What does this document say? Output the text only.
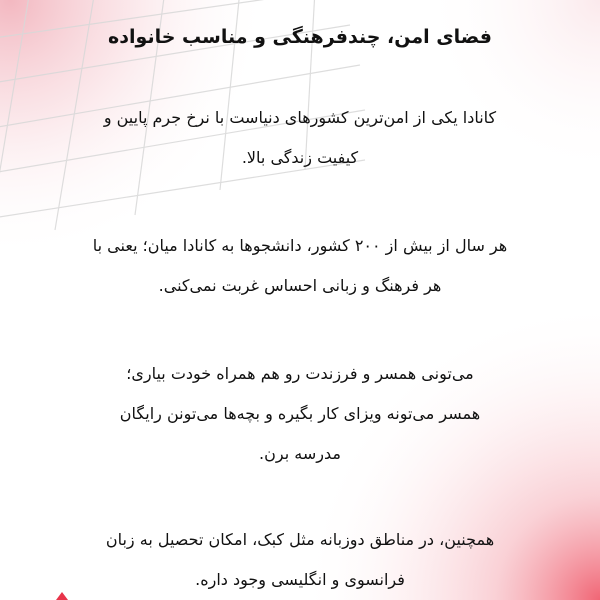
فضای امن، چندفرهنگی و مناسب خانواده

کانادا یکی از امن‌ترین کشورهای دنیاست با نرخ جرم پایین و
کیفیت زندگی بالا.

هر سال از بیش از ۲۰۰ کشور، دانشجوها به کانادا میان؛ یعنی با
هر فرهنگ و زبانی احساس غربت نمی‌کنی.

می‌تونی همسر و فرزندت رو هم همراه خودت بیاری؛
همسر می‌تونه ویزای کار بگیره و بچه‌ها می‌تونن رایگان
مدرسه برن.

همچنین، در مناطق دوزبانه مثل کبک، امکان تحصیل به زبان
فرانسوی و انگلیسی وجود داره.
